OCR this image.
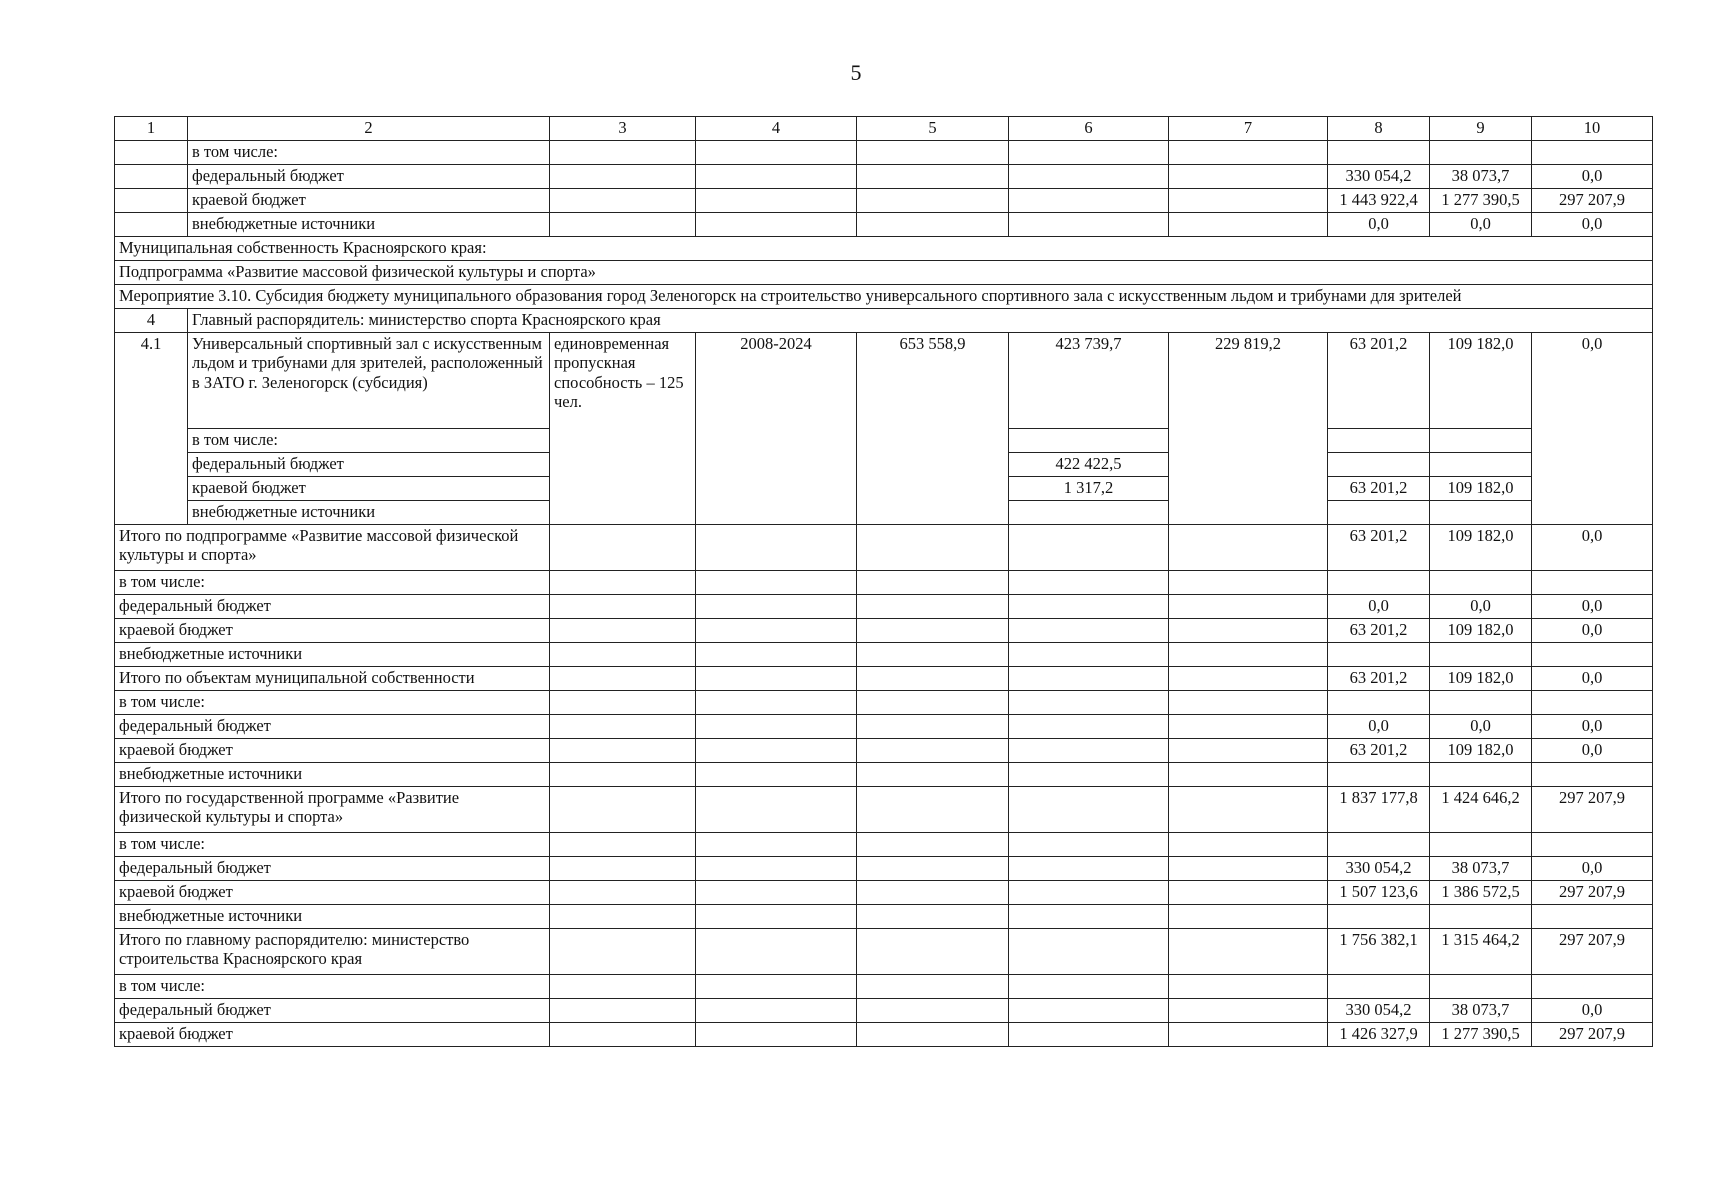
5
1	2	3	4	5	6	7	8	9	10
	в том числе:								
	федеральный бюджет						330 054,2	38 073,7	0,0
	краевой бюджет						1 443 922,4	1 277 390,5	297 207,9
	внебюджетные источники						0,0	0,0	0,0
Муниципальная собственность Красноярского края:									
Подпрограмма «Развитие массовой физической культуры и спорта»									
Мероприятие 3.10. Субсидия бюджету муниципального образования город Зеленогорск на строительство универсального спортивного зала с искусственным льдом и трибунами для зрителей									
4	Главный распорядитель: министерство спорта Красноярского края								
4.1	Универсальный спортивный зал с искусственным льдом и трибунами для зрителей, расположенный в ЗАТО г. Зеленогорск (субсидия)	единовременная пропускная способность – 125 чел.	2008-2024	653 558,9	423 739,7	229 819,2	63 201,2	109 182,0	0,0
	в том числе:								
	федеральный бюджет				422 422,5				
	краевой бюджет				1 317,2		63 201,2	109 182,0	
	внебюджетные источники								
Итого по подпрограмме «Развитие массовой физической культуры и спорта»							63 201,2	109 182,0	0,0
в том числе:									
федеральный бюджет							0,0	0,0	0,0
краевой бюджет							63 201,2	109 182,0	0,0
внебюджетные источники									
Итого по объектам муниципальной собственности							63 201,2	109 182,0	0,0
в том числе:									
федеральный бюджет							0,0	0,0	0,0
краевой бюджет							63 201,2	109 182,0	0,0
внебюджетные источники									
Итого по государственной программе «Развитие физической культуры и спорта»							1 837 177,8	1 424 646,2	297 207,9
в том числе:									
федеральный бюджет							330 054,2	38 073,7	0,0
краевой бюджет							1 507 123,6	1 386 572,5	297 207,9
внебюджетные источники									
Итого по главному распорядителю: министерство строительства Красноярского края							1 756 382,1	1 315 464,2	297 207,9
в том числе:									
федеральный бюджет							330 054,2	38 073,7	0,0
краевой бюджет							1 426 327,9	1 277 390,5	297 207,9
